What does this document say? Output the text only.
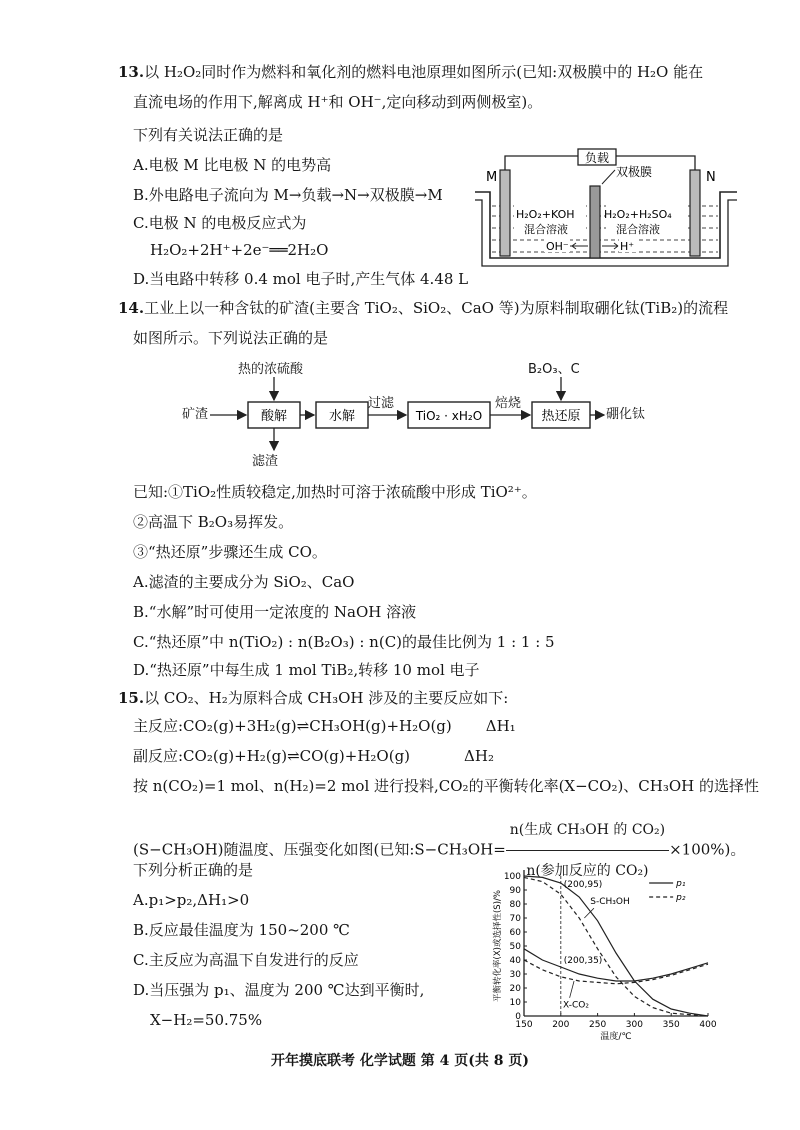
13.以 H₂O₂同时作为燃料和氧化剂的燃料电池原理如图所示(已知:双极膜中的 H₂O 能在
直流电场的作用下,解离成 H⁺和 OH⁻,定向移动到两侧极室)。
下列有关说法正确的是
A.电极 M 比电极 N 的电势高
B.外电路电子流向为 M→负载→N→双极膜→M
C.电极 N 的电极反应式为
H₂O₂+2H⁺+2e⁻══2H₂O
D.当电路中转移 0.4 mol 电子时,产生气体 4.48 L
负载
M	N
双极膜
H₂O₂+KOH
混合溶液
H₂O₂+H₂SO₄
混合溶液
OH⁻	H⁺
14.工业上以一种含钛的矿渣(主要含 TiO₂、SiO₂、CaO 等)为原料制取硼化钛(TiB₂)的流程
如图所示。下列说法正确的是
矿渣
热的浓硫酸
滤渣
过滤	焙烧
B₂O₃、C
硼化钛
酸解	水解	TiO₂ · xH₂O	热还原
已知:①TiO₂性质较稳定,加热时可溶于浓硫酸中形成 TiO²⁺。
②高温下 B₂O₃易挥发。
③“热还原”步骤还生成 CO。
A.滤渣的主要成分为 SiO₂、CaO
B.“水解”时可使用一定浓度的 NaOH 溶液
C.“热还原”中 n(TiO₂) : n(B₂O₃) : n(C)的最佳比例为 1 : 1 : 5
D.“热还原”中每生成 1 mol TiB₂,转移 10 mol 电子
15.以 CO₂、H₂为原料合成 CH₃OH 涉及的主要反应如下:
主反应:CO₂(g)+3H₂(g)⇌CH₃OH(g)+H₂O(g) ΔH₁
副反应:CO₂(g)+H₂(g)⇌CO(g)+H₂O(g)	ΔH₂
按 n(CO₂)=1 mol、n(H₂)=2 mol 进行投料,CO₂的平衡转化率(X−CO₂)、CH₃OH 的选择性
(S−CH₃OH)随温度、压强变化如图(已知:S−CH₃OH= $\frac{\text{n(生成 CH₃OH 的 CO₂)}}{\text{n(参加反应的 CO₂)}} \times 100\%$)。
下列分析正确的是
A.p₁>p₂,ΔH₁>0
B.反应最佳温度为 150~200 ℃
C.主反应为高温下自发进行的反应
D.当压强为 p₁、温度为 200 ℃达到平衡时,
X−H₂=50.75%	0
10
20
30
40
50
60
70
80
90
100
150 200 250 300 350 400
温度/℃
平衡转化率(X)或选择性(S)/%
(200,95)
(200,35)
S-CH₃OH
X-CO₂
p₁
p₂
开年摸底联考 化学试题 第 4 页(共 8 页)
